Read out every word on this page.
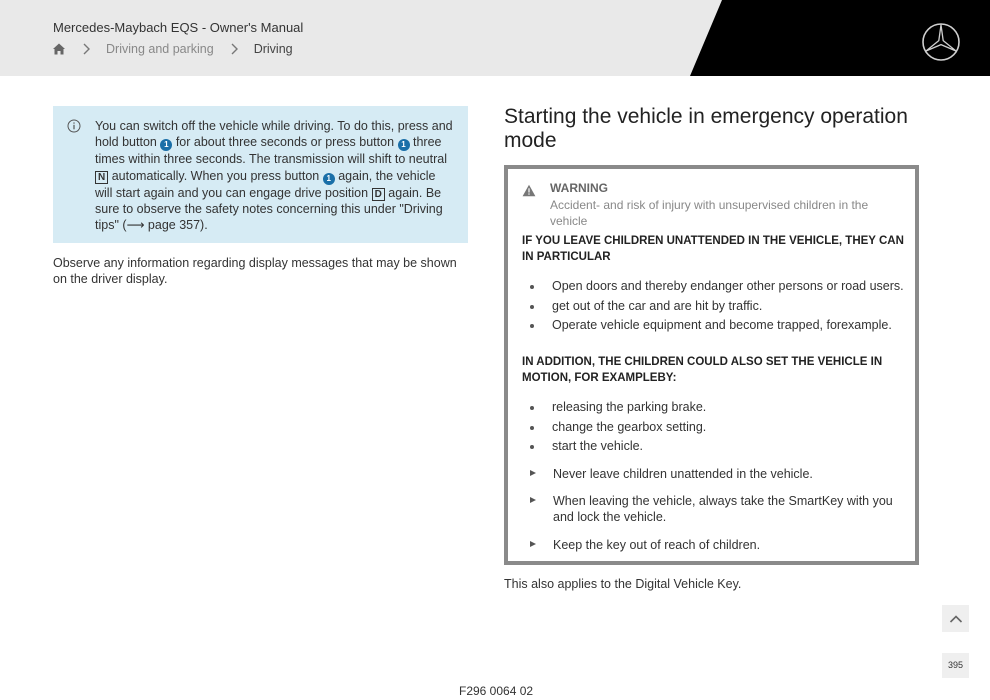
Mercedes-Maybach EQS - Owner's Manual
Driving and parking	Driving
You can switch off the vehicle while driving. To do this, press and hold button 1 for about three seconds or press button 1 three times within three seconds. The transmission will shift to neutral N automatically. When you press button 1 again, the vehicle will start again and you can engage drive position D again. Be sure to observe the safety notes concerning this under "Driving tips" (⟶ page 357).
Observe any information regarding display messages that may be shown on the driver display.
Starting the vehicle in emergency operation mode
WARNING
Accident- and risk of injury with unsupervised children in the vehicle
IF YOU LEAVE CHILDREN UNATTENDED IN THE VEHICLE, THEY CAN IN PARTICULAR
Open doors and thereby endanger other persons or road users.
get out of the car and are hit by traffic.
Operate vehicle equipment and become trapped, forexample.
IN ADDITION, THE CHILDREN COULD ALSO SET THE VEHICLE IN MOTION, FOR EXAMPLEBY:
releasing the parking brake.
change the gearbox setting.
start the vehicle.
Never leave children unattended in the vehicle.
When leaving the vehicle, always take the SmartKey with you and lock the vehicle.
Keep the key out of reach of children.
This also applies to the Digital Vehicle Key.
395
F296 0064 02
